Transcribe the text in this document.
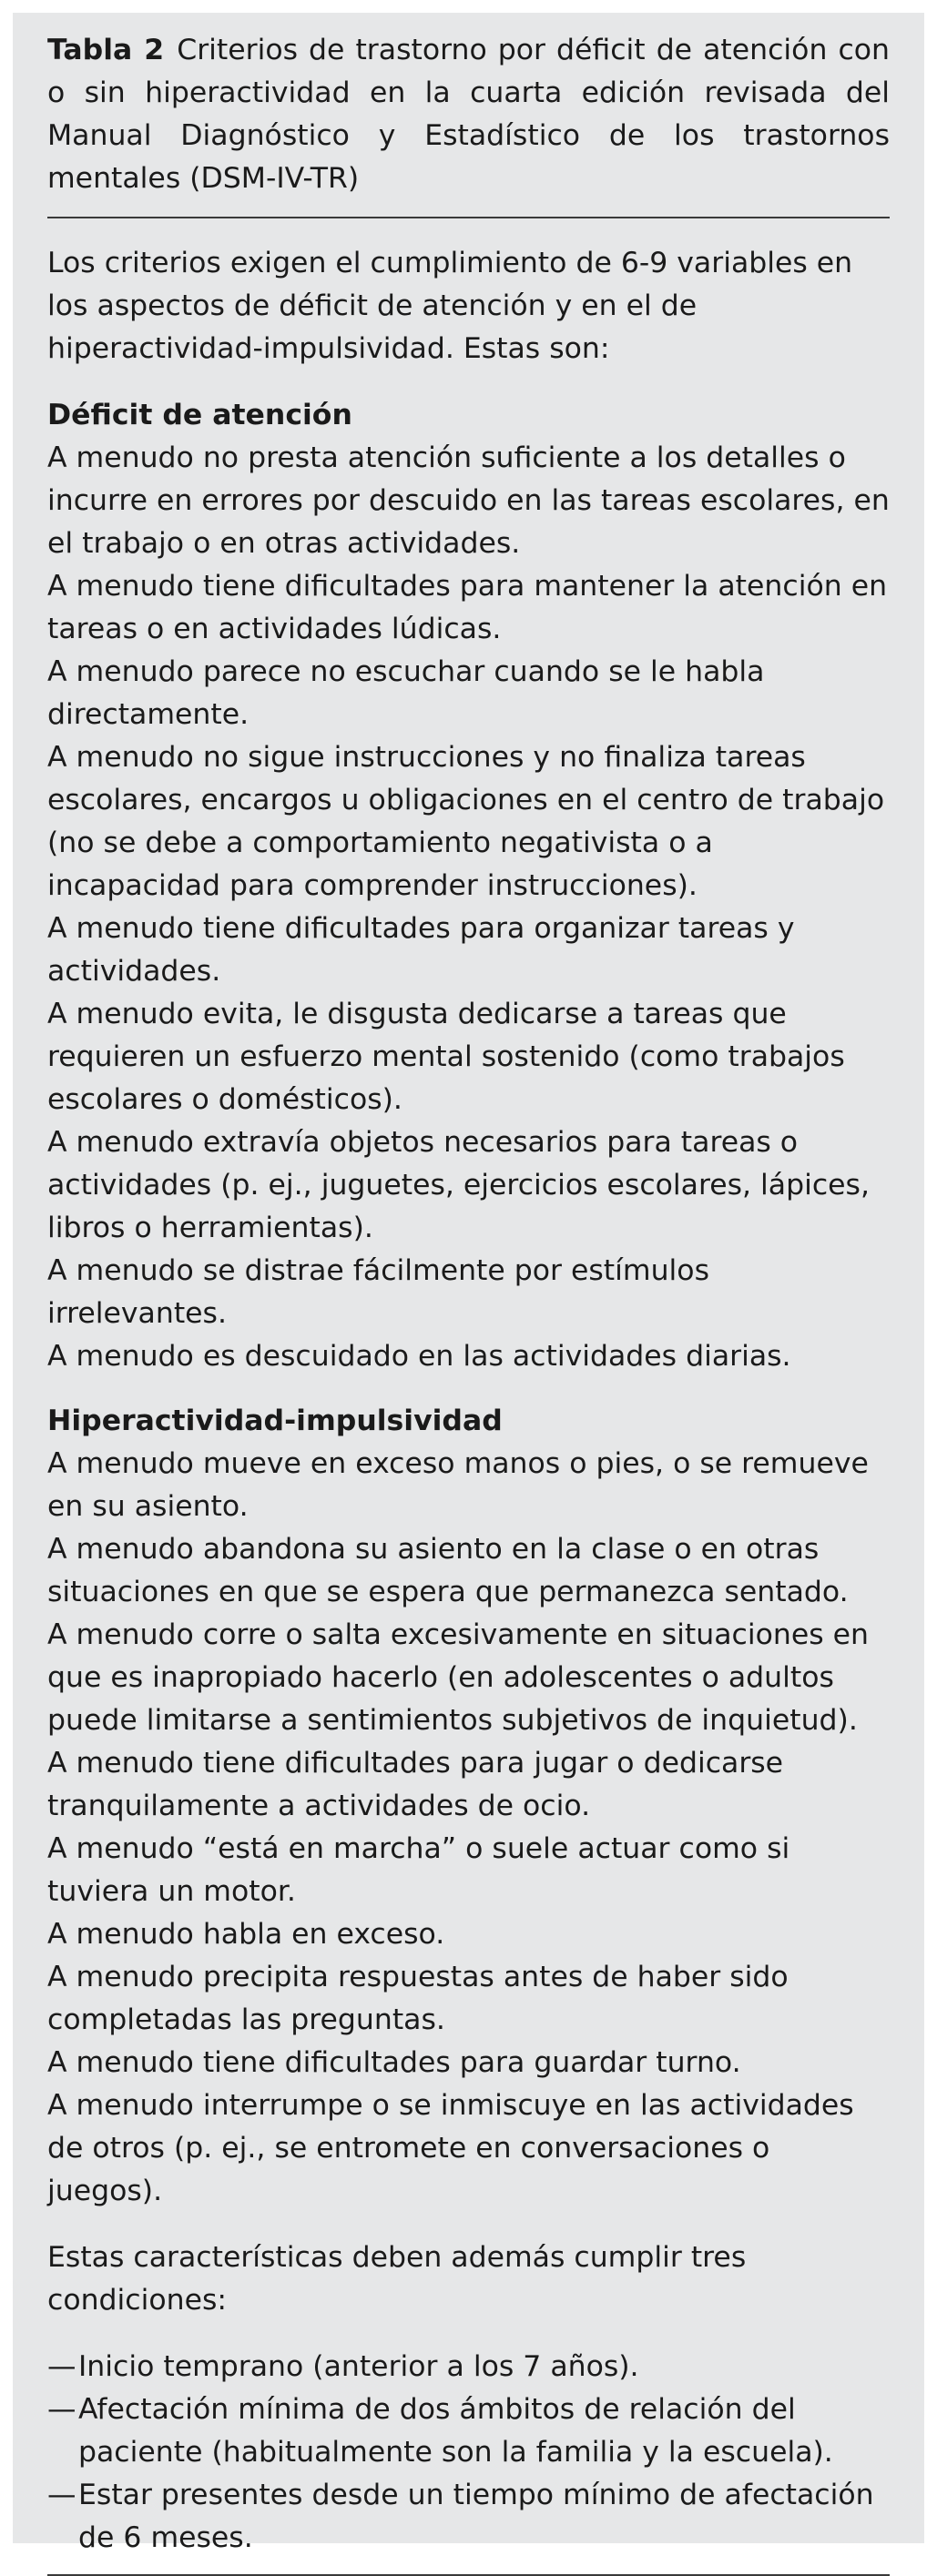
Tabla 2 Criterios de trastorno por déficit de atención con o sin hiperactividad en la cuarta edición revisada del Manual Diagnóstico y Estadístico de los trastornos mentales (DSM-IV-TR)

Los criterios exigen el cumplimiento de 6-9 variables en los aspectos de déficit de atención y en el de hiperactividad-impulsividad. Estas son:

Déficit de atención

A menudo no presta atención suficiente a los detalles o incurre en errores por descuido en las tareas escolares, en el trabajo o en otras actividades.

A menudo tiene dificultades para mantener la atención en tareas o en actividades lúdicas.

A menudo parece no escuchar cuando se le habla directamente.

A menudo no sigue instrucciones y no finaliza tareas escolares, encargos u obligaciones en el centro de trabajo (no se debe a comportamiento negativista o a incapacidad para comprender instrucciones).

A menudo tiene dificultades para organizar tareas y actividades.

A menudo evita, le disgusta dedicarse a tareas que requieren un esfuerzo mental sostenido (como trabajos escolares o domésticos).

A menudo extravía objetos necesarios para tareas o actividades (p. ej., juguetes, ejercicios escolares, lápices, libros o herramientas).

A menudo se distrae fácilmente por estímulos irrelevantes.

A menudo es descuidado en las actividades diarias.

Hiperactividad-impulsividad

A menudo mueve en exceso manos o pies, o se remueve en su asiento.

A menudo abandona su asiento en la clase o en otras situaciones en que se espera que permanezca sentado.

A menudo corre o salta excesivamente en situaciones en que es inapropiado hacerlo (en adolescentes o adultos puede limitarse a sentimientos subjetivos de inquietud).

A menudo tiene dificultades para jugar o dedicarse tranquilamente a actividades de ocio.

A menudo “está en marcha” o suele actuar como si tuviera un motor.

A menudo habla en exceso.

A menudo precipita respuestas antes de haber sido completadas las preguntas.

A menudo tiene dificultades para guardar turno.

A menudo interrumpe o se inmiscuye en las actividades de otros (p. ej., se entromete en conversaciones o juegos).

Estas características deben además cumplir tres condiciones:

—Inicio temprano (anterior a los 7 años).
—Afectación mínima de dos ámbitos de relación del paciente (habitualmente son la familia y la escuela).
—Estar presentes desde un tiempo mínimo de afectación de 6 meses.
